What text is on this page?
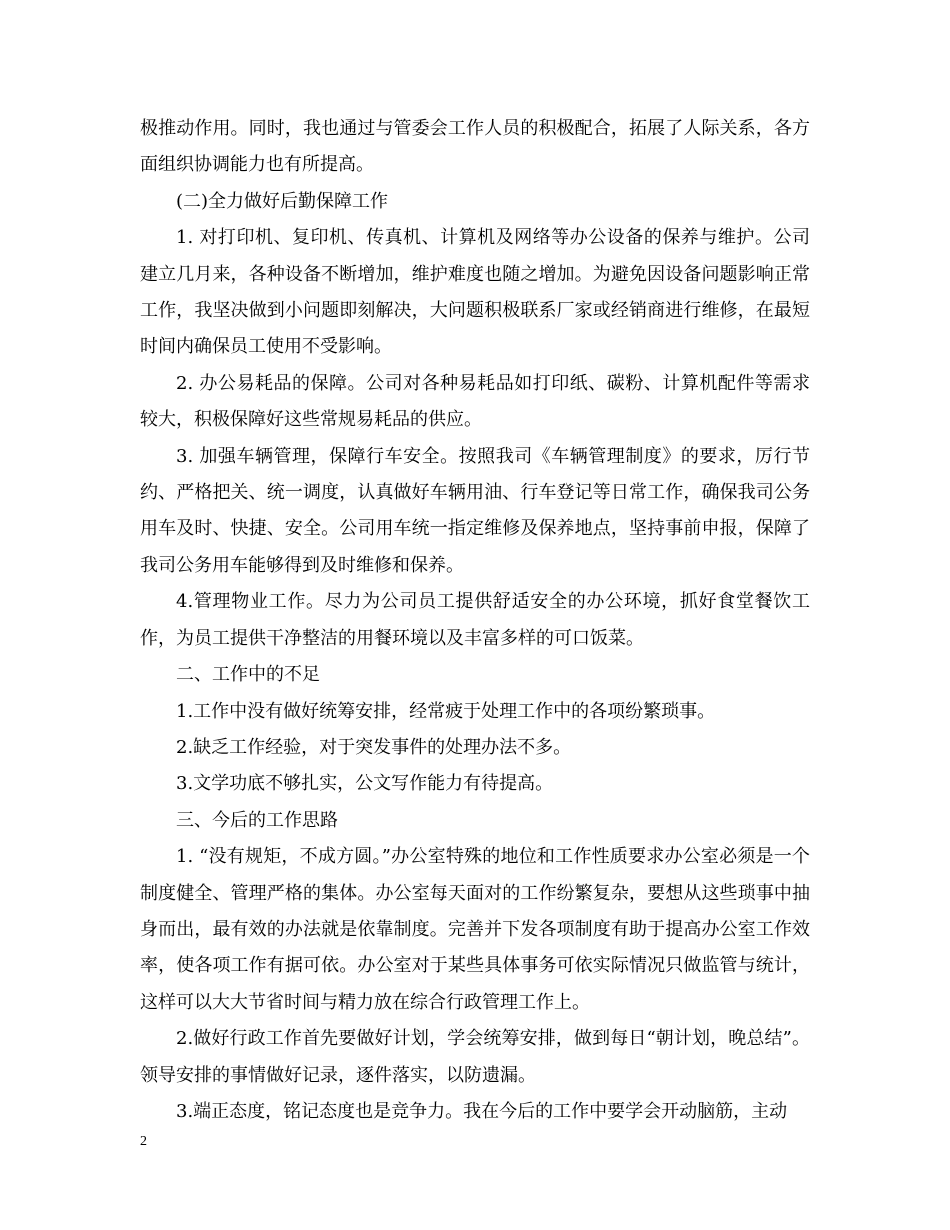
极推动作用。同时，我也通过与管委会工作人员的积极配合，拓展了人际关系，各方面组织协调能力也有所提高。

(二)全力做好后勤保障工作

1. 对打印机、复印机、传真机、计算机及网络等办公设备的保养与维护。公司建立几月来，各种设备不断增加，维护难度也随之增加。为避免因设备问题影响正常工作，我坚决做到小问题即刻解决，大问题积极联系厂家或经销商进行维修，在最短时间内确保员工使用不受影响。

2. 办公易耗品的保障。公司对各种易耗品如打印纸、碳粉、计算机配件等需求较大，积极保障好这些常规易耗品的供应。

3. 加强车辆管理，保障行车安全。按照我司《车辆管理制度》的要求，厉行节约、严格把关、统一调度，认真做好车辆用油、行车登记等日常工作，确保我司公务用车及时、快捷、安全。公司用车统一指定维修及保养地点，坚持事前申报，保障了我司公务用车能够得到及时维修和保养。

4.管理物业工作。尽力为公司员工提供舒适安全的办公环境，抓好食堂餐饮工作，为员工提供干净整洁的用餐环境以及丰富多样的可口饭菜。

二、工作中的不足

1.工作中没有做好统筹安排，经常疲于处理工作中的各项纷繁琐事。

2.缺乏工作经验，对于突发事件的处理办法不多。

3.文学功底不够扎实，公文写作能力有待提高。

三、今后的工作思路

1. “没有规矩，不成方圆。”办公室特殊的地位和工作性质要求办公室必须是一个制度健全、管理严格的集体。办公室每天面对的工作纷繁复杂，要想从这些琐事中抽身而出，最有效的办法就是依靠制度。完善并下发各项制度有助于提高办公室工作效率，使各项工作有据可依。办公室对于某些具体事务可依实际情况只做监管与统计，这样可以大大节省时间与精力放在综合行政管理工作上。

2.做好行政工作首先要做好计划，学会统筹安排，做到每日“朝计划，晚总结”。领导安排的事情做好记录，逐件落实，以防遗漏。

3.端正态度，铭记态度也是竞争力。我在今后的工作中要学会开动脑筋，主动

2
